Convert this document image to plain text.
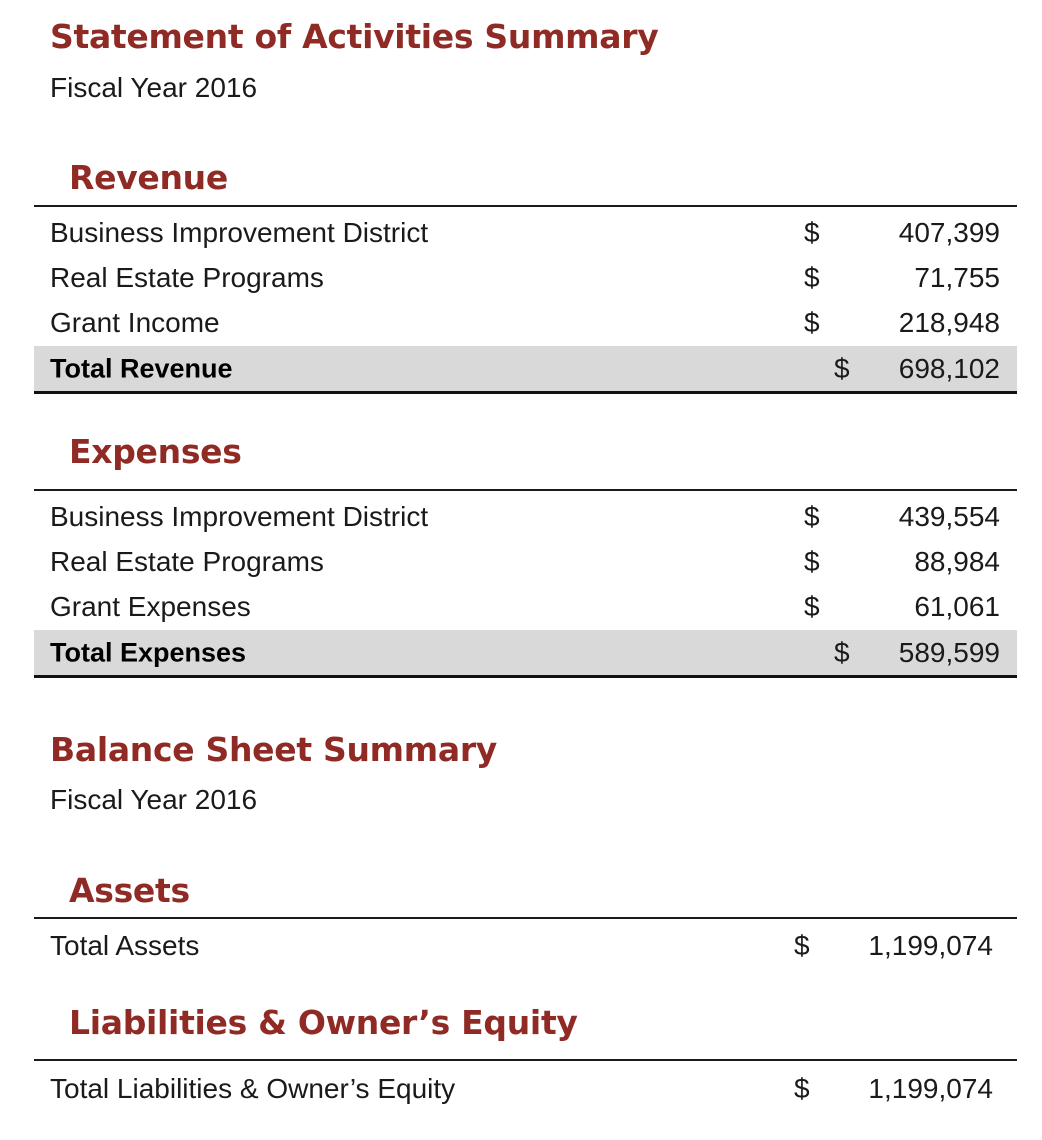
Statement of Activities Summary
Fiscal Year 2016
Revenue
Business Improvement District	$	407,399
Real Estate Programs	$	71,755
Grant Income	$	218,948
Total Revenue	$ 698,102
Expenses
Business Improvement District	$	439,554
Real Estate Programs	$	88,984
Grant Expenses	$	61,061
Total Expenses	$ 589,599
Balance Sheet Summary
Fiscal Year 2016
Assets
Total Assets	$ 1,199,074
Liabilities & Owner’s Equity
Total Liabilities & Owner’s Equity	$ 1,199,074
